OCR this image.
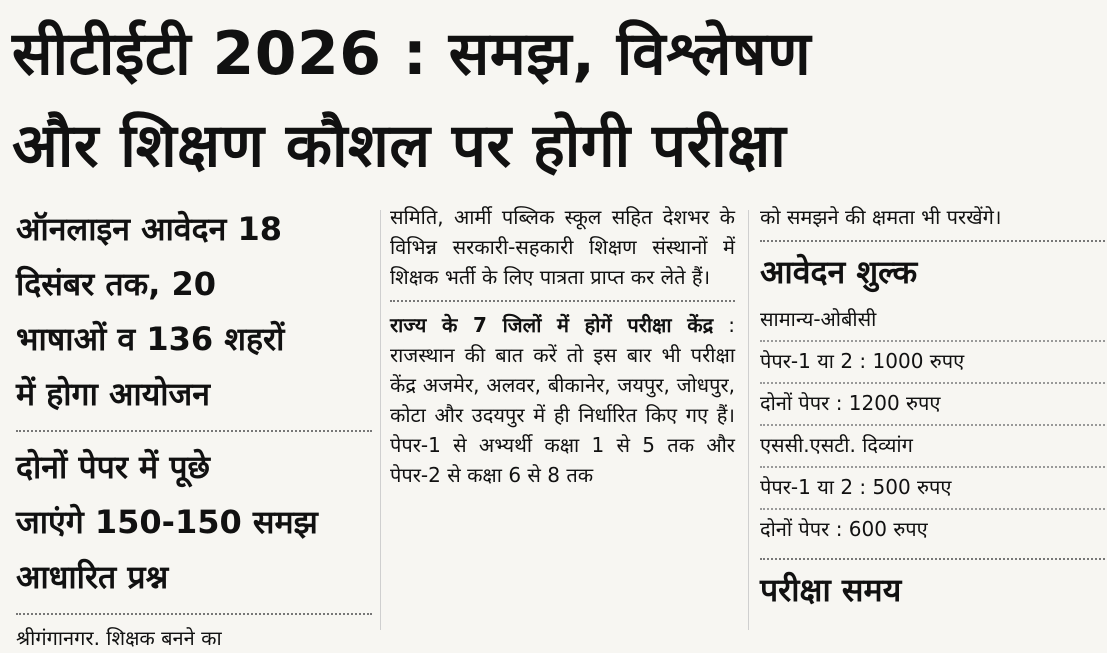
सीटीईटी 2026 : समझ, विश्लेषण
और शिक्षण कौशल पर होगी परीक्षा
ऑनलाइन आवेदन 18
दिसंबर तक, 20
भाषाओं व 136 शहरों
में होगा आयोजन
दोनों पेपर में पूछे
जाएंगे 150-150 समझ
आधारित प्रश्न
श्रीगंगानगर. शिक्षक बनने का
समिति, आर्मी पब्लिक स्कूल सहित देशभर के विभिन्न सरकारी-सहकारी शिक्षण संस्थानों में शिक्षक भर्ती के लिए पात्रता प्राप्त कर लेते हैं।
राज्य के 7 जिलों में होगें परीक्षा केंद्र : राजस्थान की बात करें तो इस बार भी परीक्षा केंद्र अजमेर, अलवर, बीकानेर, जयपुर, जोधपुर, कोटा और उदयपुर में ही निर्धारित किए गए हैं। पेपर-1 से अभ्यर्थी कक्षा 1 से 5 तक और पेपर-2 से कक्षा 6 से 8 तक
को समझने की क्षमता भी परखेंगे।
आवेदन शुल्क
सामान्य-ओबीसी
पेपर-1 या 2 : 1000 रुपए
दोनों पेपर : 1200 रुपए
एससी.एसटी. दिव्यांग
पेपर-1 या 2 : 500 रुपए
दोनों पेपर : 600 रुपए
परीक्षा समय
